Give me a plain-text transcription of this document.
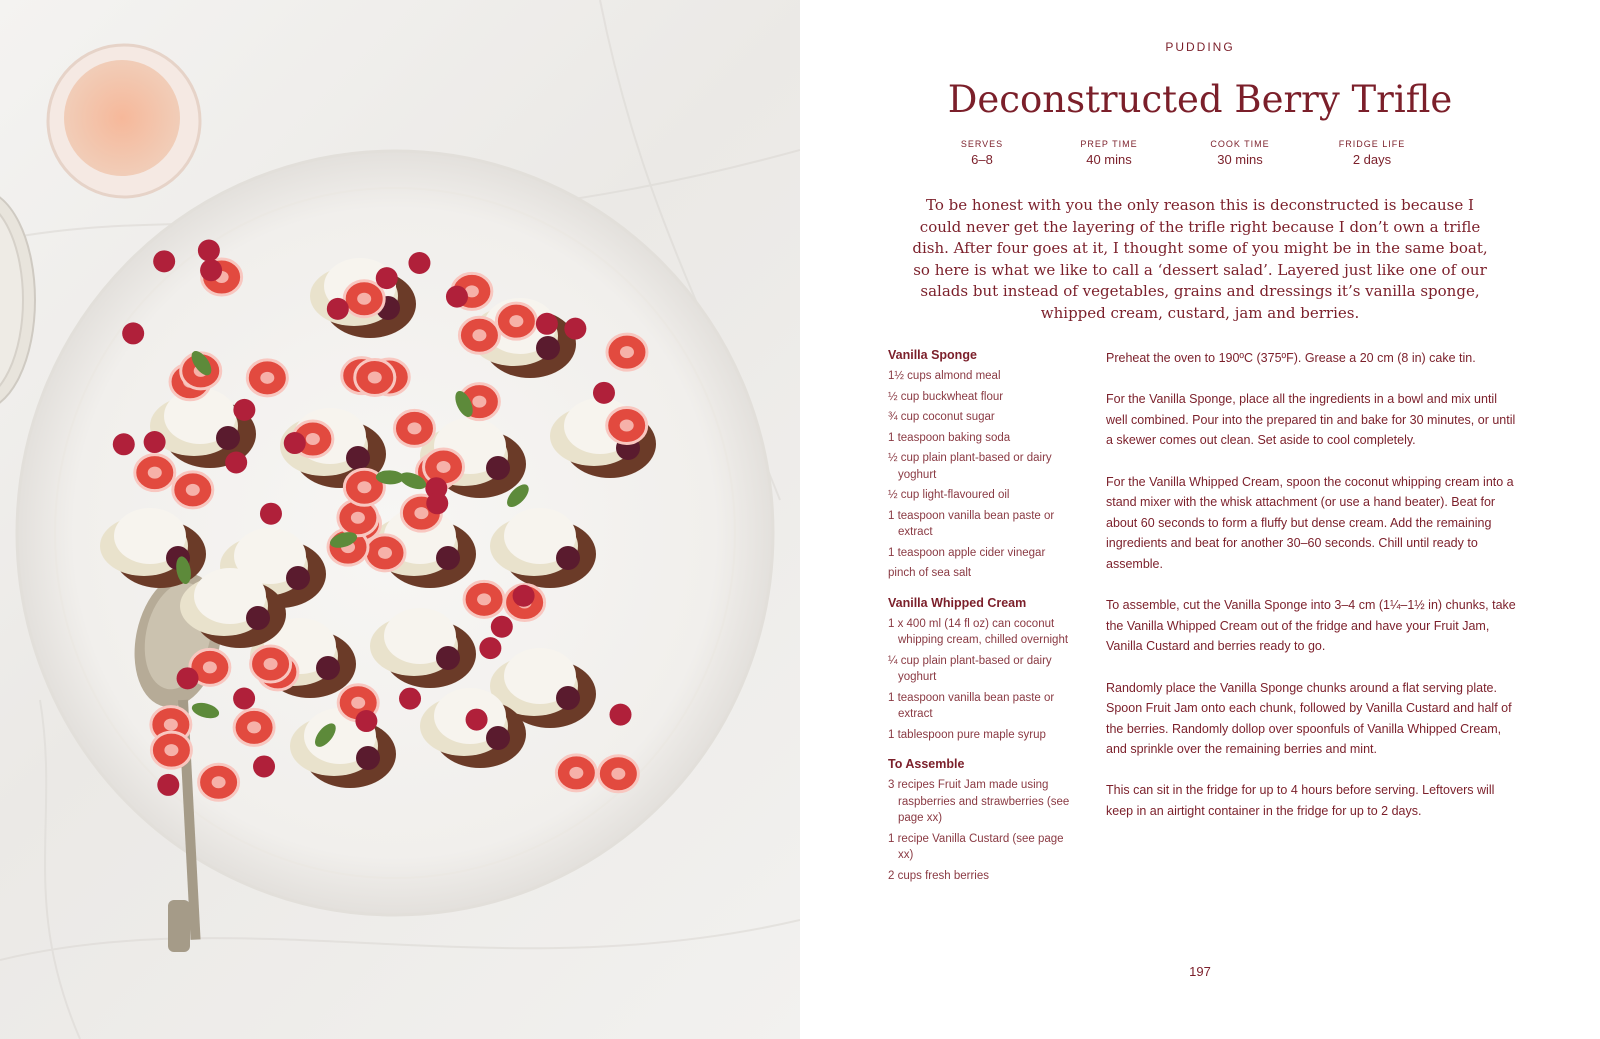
PUDDING
Deconstructed Berry Trifle
SERVES
6–8
PREP TIME
40 mins
COOK TIME
30 mins
FRIDGE LIFE
2 days

To be honest with you the only reason this is deconstructed is because I could never get the layering of the trifle right because I don’t own a trifle dish. After four goes at it, I thought some of you might be in the same boat, so here is what we like to call a ‘dessert salad’. Layered just like one of our salads but instead of vegetables, grains and dressings it’s vanilla sponge, whipped cream, custard, jam and berries.

Vanilla Sponge
1½ cups almond meal
½ cup buckwheat flour
¾ cup coconut sugar
1 teaspoon baking soda
½ cup plain plant-based or dairy yoghurt
½ cup light-flavoured oil
1 teaspoon vanilla bean paste or extract
1 teaspoon apple cider vinegar
pinch of sea salt
Vanilla Whipped Cream
1 x 400 ml (14 fl oz) can coconut whipping cream, chilled overnight
¼ cup plain plant-based or dairy yoghurt
1 teaspoon vanilla bean paste or extract
1 tablespoon pure maple syrup
To Assemble
3 recipes Fruit Jam made using raspberries and strawberries (see page xx)
1 recipe Vanilla Custard (see page xx)
2 cups fresh berries

Preheat the oven to 190ºC (375ºF). Grease a 20 cm (8 in) cake tin.

For the Vanilla Sponge, place all the ingredients in a bowl and mix until well combined. Pour into the prepared tin and bake for 30 minutes, or until a skewer comes out clean. Set aside to cool completely.

For the Vanilla Whipped Cream, spoon the coconut whipping cream into a stand mixer with the whisk attachment (or use a hand beater). Beat for about 60 seconds to form a fluffy but dense cream. Add the remaining ingredients and beat for another 30–60 seconds. Chill until ready to assemble.

To assemble, cut the Vanilla Sponge into 3–4 cm (1¼–1½ in) chunks, take the Vanilla Whipped Cream out of the fridge and have your Fruit Jam, Vanilla Custard and berries ready to go.

Randomly place the Vanilla Sponge chunks around a flat serving plate. Spoon Fruit Jam onto each chunk, followed by Vanilla Custard and half of the berries. Randomly dollop over spoonfuls of Vanilla Whipped Cream, and sprinkle over the remaining berries and mint.

This can sit in the fridge for up to 4 hours before serving. Leftovers will keep in an airtight container in the fridge for up to 2 days.

197
